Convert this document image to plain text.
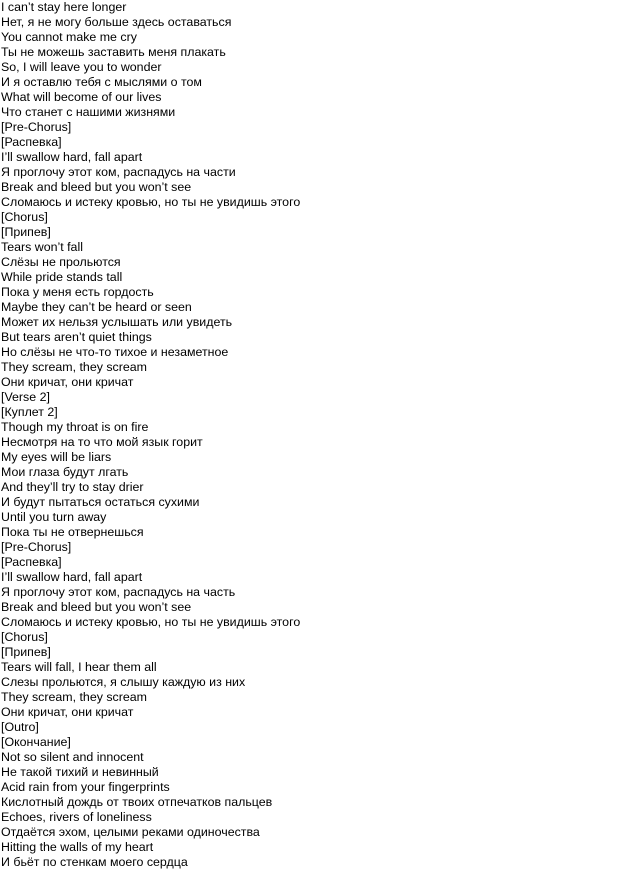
I can’t stay here longer
Нет, я не могу больше здесь оставаться
You cannot make me cry
Ты не можешь заставить меня плакать
So, I will leave you to wonder
И я оставлю тебя с мыслями о том
What will become of our lives
Что станет с нашими жизнями
[Pre-Chorus]
[Распевка]
I’ll swallow hard, fall apart
Я проглочу этот ком, распадусь на части
Break and bleed but you won’t see
Сломаюсь и истеку кровью, но ты не увидишь этого
[Chorus]
[Припев]
Tears won’t fall
Слёзы не прольются
While pride stands tall
Пока у меня есть гордость
Maybe they can’t be heard or seen
Может их нельзя услышать или увидеть
But tears aren’t quiet things
Но слёзы не что-то тихое и незаметное
They scream, they scream
Они кричат, они кричат
[Verse 2]
[Куплет 2]
Though my throat is on fire
Несмотря на то что мой язык горит
My eyes will be liars
Мои глаза будут лгать
And they’ll try to stay drier
И будут пытаться остаться сухими
Until you turn away
Пока ты не отвернешься
[Pre-Chorus]
[Распевка]
I’ll swallow hard, fall apart
Я проглочу этот ком, распадусь на часть
Break and bleed but you won’t see
Сломаюсь и истеку кровью, но ты не увидишь этого
[Chorus]
[Припев]
Tears will fall, I hear them all
Слезы прольются, я слышу каждую из них
They scream, they scream
Они кричат, они кричат
[Outro]
[Окончание]
Not so silent and innocent
Не такой тихий и невинный
Acid rain from your fingerprints
Кислотный дождь от твоих отпечатков пальцев
Echoes, rivers of loneliness
Отдаётся эхом, целыми реками одиночества
Hitting the walls of my heart
И бьёт по стенкам моего сердца
